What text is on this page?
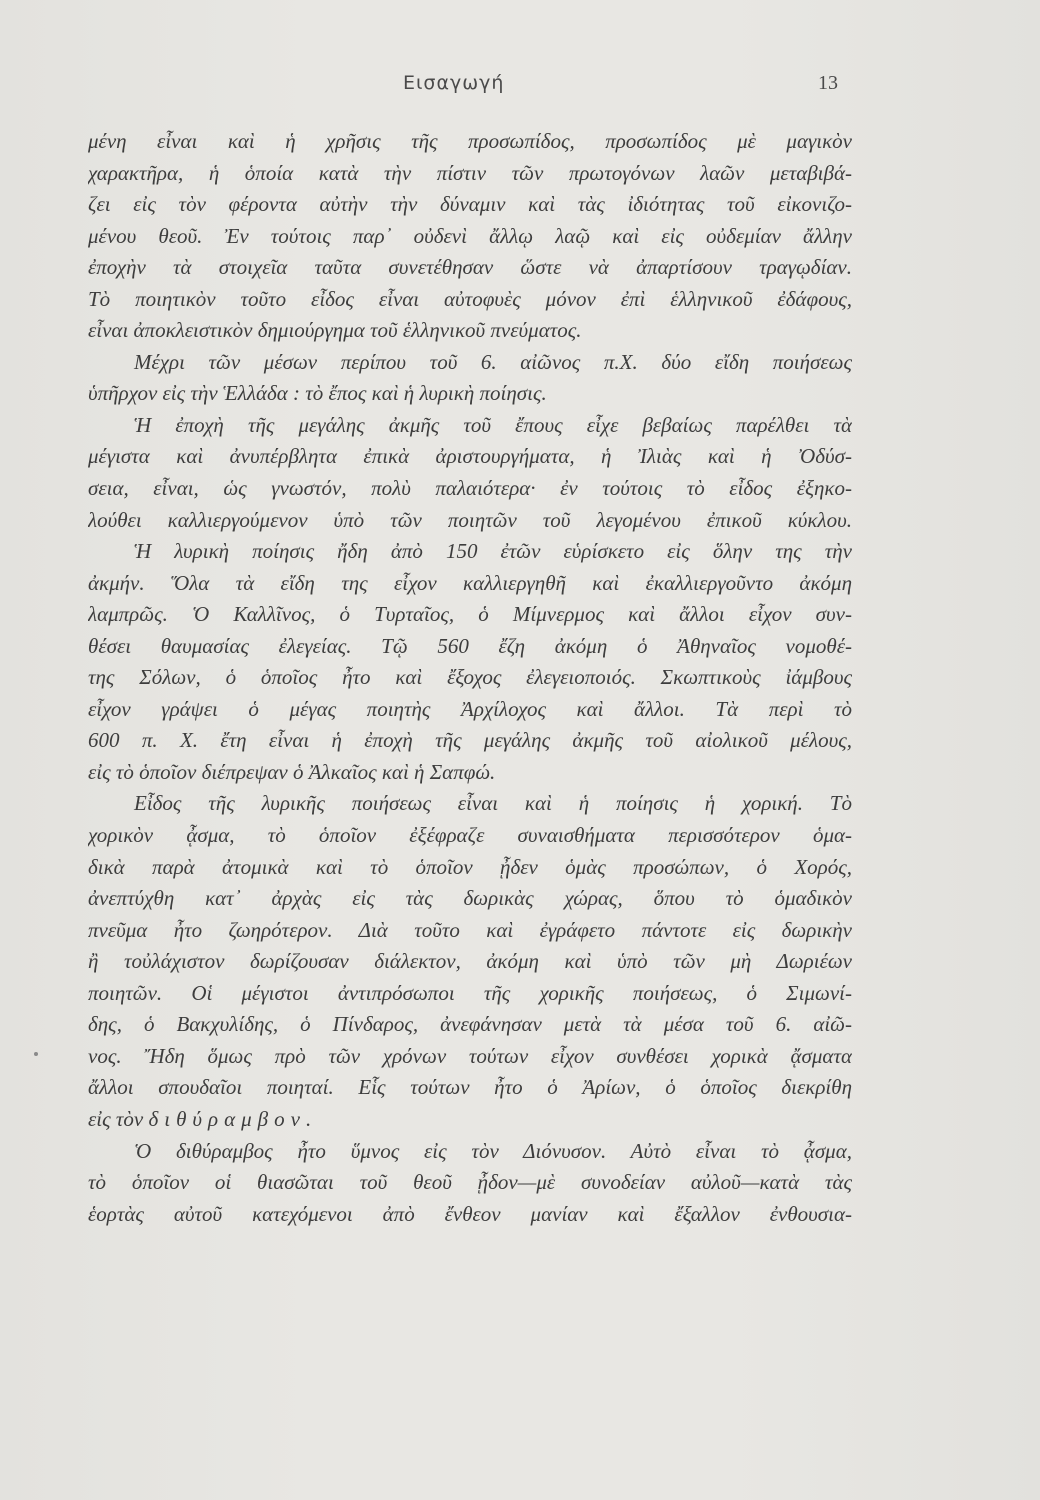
Εισαγωγή	13
μένη εἶναι καὶ ἡ χρῆσις τῆς προσωπίδος, προσωπίδος μὲ μαγικὸν
χαρακτῆρα, ἡ ὁποία κατὰ τὴν πίστιν τῶν πρωτογόνων λαῶν μεταβιβά-
ζει εἰς τὸν φέροντα αὐτὴν τὴν δύναμιν καὶ τὰς ἰδιότητας τοῦ εἰκονιζο-
μένου θεοῦ. Ἐν τούτοις παρ᾽ οὐδενὶ ἄλλῳ λαῷ καὶ εἰς οὐδεμίαν ἄλλην
ἐποχὴν τὰ στοιχεῖα ταῦτα συνετέθησαν ὥστε νὰ ἀπαρτίσουν τραγῳδίαν.
Τὸ ποιητικὸν τοῦτο εἶδος εἶναι αὐτοφυὲς μόνον ἐπὶ ἑλληνικοῦ ἐδάφους,
εἶναι ἀποκλειστικὸν δημιούργημα τοῦ ἑλληνικοῦ πνεύματος.
Μέχρι τῶν μέσων περίπου τοῦ 6. αἰῶνος π.Χ. δύο εἴδη ποιήσεως
ὑπῆρχον εἰς τὴν Ἑλλάδα : τὸ ἔπος καὶ ἡ λυρικὴ ποίησις.
Ἡ ἐποχὴ τῆς μεγάλης ἀκμῆς τοῦ ἔπους εἶχε βεβαίως παρέλθει τὰ
μέγιστα καὶ ἀνυπέρβλητα ἐπικὰ ἀριστουργήματα, ἡ Ἰλιὰς καὶ ἡ Ὀδύσ-
σεια, εἶναι, ὡς γνωστόν, πολὺ παλαιότερα· ἐν τούτοις τὸ εἶδος ἐξηκο-
λούθει καλλιεργούμενον ὑπὸ τῶν ποιητῶν τοῦ λεγομένου ἐπικοῦ κύκλου.
Ἡ λυρικὴ ποίησις ἤδη ἀπὸ 150 ἐτῶν εὑρίσκετο εἰς ὅλην της τὴν
ἀκμήν. Ὅλα τὰ εἴδη της εἶχον καλλιεργηθῆ καὶ ἐκαλλιεργοῦντο ἀκόμη
λαμπρῶς. Ὁ Καλλῖνος, ὁ Τυρταῖος, ὁ Μίμνερμος καὶ ἄλλοι εἶχον συν-
θέσει θαυμασίας ἐλεγείας. Τῷ 560 ἔζη ἀκόμη ὁ Ἀθηναῖος νομοθέ-
της Σόλων, ὁ ὁποῖος ἦτο καὶ ἔξοχος ἐλεγειοποιός. Σκωπτικοὺς ἰάμβους
εἶχον γράψει ὁ μέγας ποιητὴς Ἀρχίλοχος καὶ ἄλλοι. Τὰ περὶ τὸ
600 π. Χ. ἔτη εἶναι ἡ ἐποχὴ τῆς μεγάλης ἀκμῆς τοῦ αἰολικοῦ μέλους,
εἰς τὸ ὁποῖον διέπρεψαν ὁ Ἀλκαῖος καὶ ἡ Σαπφώ.
Εἶδος τῆς λυρικῆς ποιήσεως εἶναι καὶ ἡ ποίησις ἡ χορική. Τὸ
χορικὸν ᾆσμα, τὸ ὁποῖον ἐξέφραζε συναισθήματα περισσότερον ὁμα-
δικὰ παρὰ ἀτομικὰ καὶ τὸ ὁποῖον ᾖδεν ὁμὰς προσώπων, ὁ Χορός,
ἀνεπτύχθη κατ᾽ ἀρχὰς εἰς τὰς δωρικὰς χώρας, ὅπου τὸ ὁμαδικὸν
πνεῦμα ἦτο ζωηρότερον. Διὰ τοῦτο καὶ ἐγράφετο πάντοτε εἰς δωρικὴν
ἢ τοὐλάχιστον δωρίζουσαν διάλεκτον, ἀκόμη καὶ ὑπὸ τῶν μὴ Δωριέων
ποιητῶν. Οἱ μέγιστοι ἀντιπρόσωποι τῆς χορικῆς ποιήσεως, ὁ Σιμωνί-
δης, ὁ Βακχυλίδης, ὁ Πίνδαρος, ἀνεφάνησαν μετὰ τὰ μέσα τοῦ 6. αἰῶ-
νος. Ἤδη ὅμως πρὸ τῶν χρόνων τούτων εἶχον συνθέσει χορικὰ ᾄσματα
ἄλλοι σπουδαῖοι ποιηταί. Εἷς τούτων ἦτο ὁ Ἀρίων, ὁ ὁποῖος διεκρίθη
εἰς τὸν διθύραμβον.
Ὁ διθύραμβος ἦτο ὕμνος εἰς τὸν Διόνυσον. Αὐτὸ εἶναι τὸ ᾆσμα,
τὸ ὁποῖον οἱ θιασῶται τοῦ θεοῦ ᾖδον—μὲ συνοδείαν αὐλοῦ—κατὰ τὰς
ἑορτὰς αὐτοῦ κατεχόμενοι ἀπὸ ἔνθεον μανίαν καὶ ἔξαλλον ἐνθουσια-
